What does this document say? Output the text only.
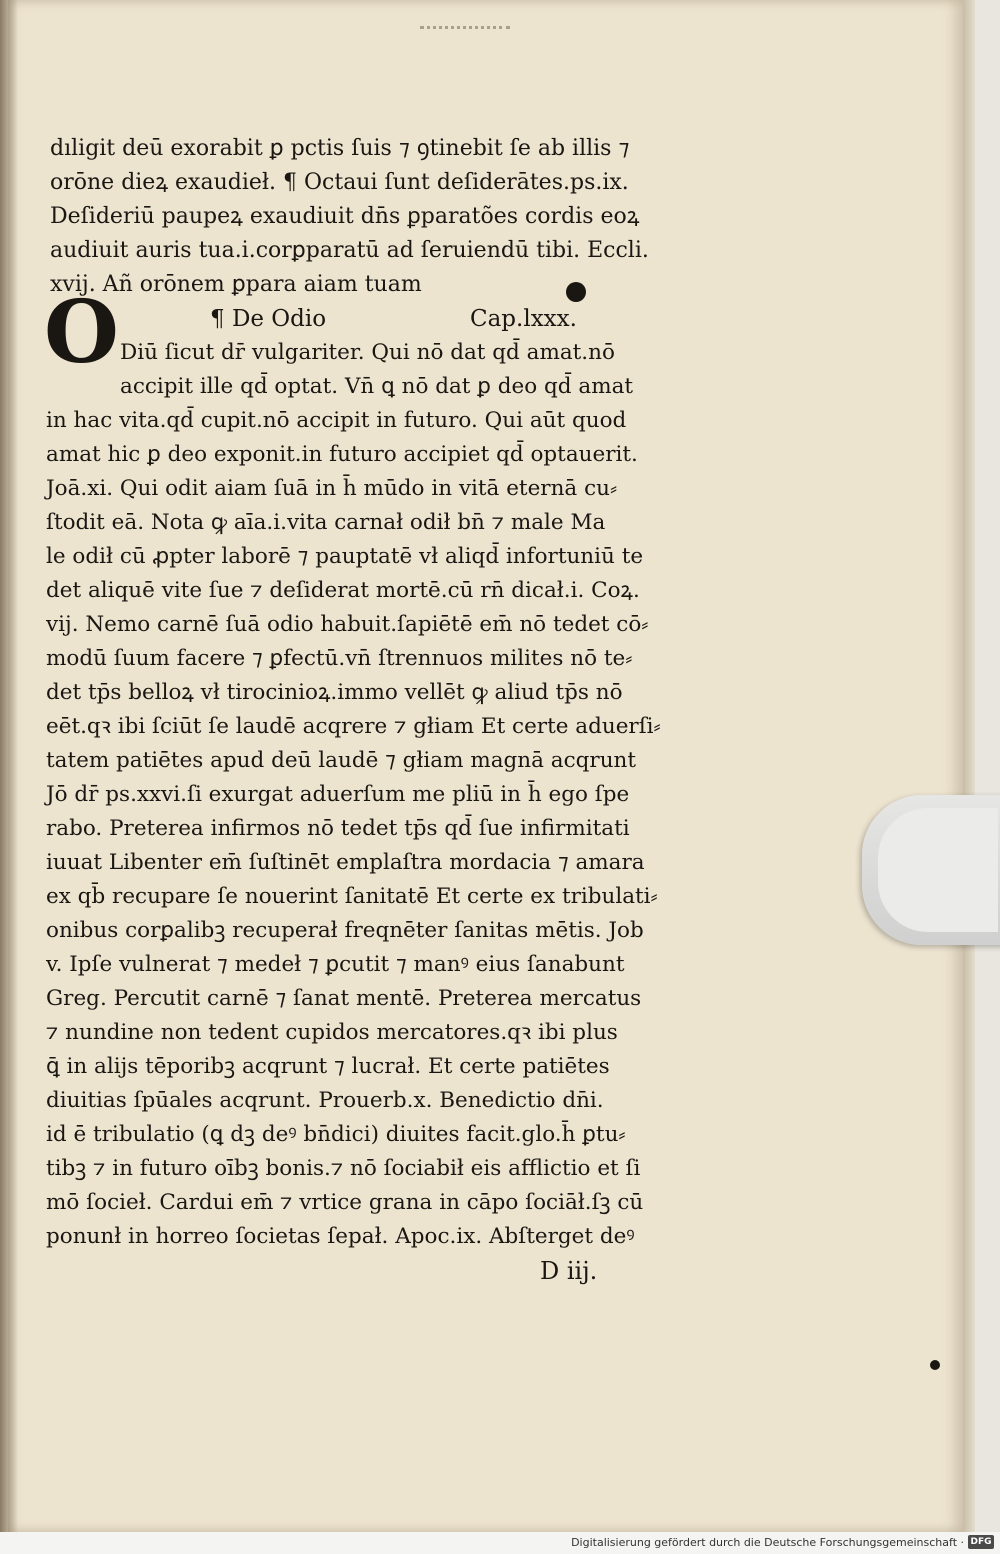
dıligit deū exorabit ꝑ pctis ſuis ⁊ ꝯtinebit ſe ab illis ⁊
orōne dieꝝ exaudieł. ¶ Octaui ſunt deſiderātes.ps.ix.
Deſideriū paupeꝝ exaudiuit dn̄s ꝑparatões cordis eoꝝ
audiuit auris tua.i.corꝑparatū ad ſeruiendū tibi. Eccli.
xvij. Añ orōnem ꝑpara aiam tuam
¶ De Odio	Cap.lxxx.
O Diū ſicut dr̄ vulgariter. Qui nō dat qd̄ amat.nō
accipit ille qd̄ optat. Vn̄ ꝗ nō dat ꝑ deo qd̄ amat
in hac vita.qd̄ cupit.nō accipit in futuro. Qui aūt quod
amat hic ꝑ deo exponit.in futuro accipiet qd̄ optauerit.
Joā.xi. Qui odit aiam ſuā in h̄ mūdo in vitā eternā cu⸗
ſtodit eā. Nota ꝙ aīa.i.vita carnał odił bn̄ ⁊ male Ma
le odił cū ꝓpter laborē ⁊ pauptatē vł aliqd̄ infortuniū te
det aliquē vite ſue ⁊ deſiderat mortē.cū rn̄ dicał.i. Coꝝ.
vij. Nemo carnē ſuā odio habuit.ſapiētē em̄ nō tedet cō⸗
modū ſuum facere ⁊ ꝑfectū.vn̄ ſtrennuos milites nō te⸗
det tp̄s belloꝝ vł tirocinioꝝ.immo vellēt ꝙ aliud tp̄s nō
eēt.qꝛ ibi ſciūt ſe laudē acqrere ⁊ głiam Et certe aduerſi⸗
tatem patiētes apud deū laudē ⁊ głiam magnā acqrunt
Jō dr̄ ps.xxvi.ſi exurgat aduerſum me pliū in h̄ ego ſpe
rabo. Preterea infirmos nō tedet tp̄s qd̄ ſue infirmitati
iuuat Libenter em̄ ſuſtinēt emplaſtra mordacia ⁊ amara
ex qb̄ recupare ſe nouerint ſanitatē Et certe ex tribulati⸗
onibus corꝑalibꝫ recuperał freqnēter ſanitas mētis. Job
v. Ipſe vulnerat ⁊ medeł ⁊ ꝑcutit ⁊ manꝰ eius ſanabunt
Greg. Percutit carnē ⁊ ſanat mentē. Preterea mercatus
⁊ nundine non tedent cupidos mercatores.qꝛ ibi plus
ꝗ̄ in alijs tēporibꝫ acqrunt ⁊ lucrał. Et certe patiētes
diuitias ſpūales acqrunt. Prouerb.x. Benedictio dn̄i.
id ē tribulatio (ꝗ dꝫ deꝰ bn̄dici) diuites facit.glo.h̄ ꝑtu⸗
tibꝫ ⁊ in futuro oībꝫ bonis.⁊ nō ſociabił eis afflictio et ſi
mō ſocieł. Cardui em̄ ⁊ vrtice grana in cāpo ſociāł.ſꝫ cū
ponunł in horreo ſocietas ſepał. Apoc.ix. Abſterget deꝰ
D iij.
Digitalisierung gefördert durch die Deutsche Forschungsgemeinschaft · DFG
